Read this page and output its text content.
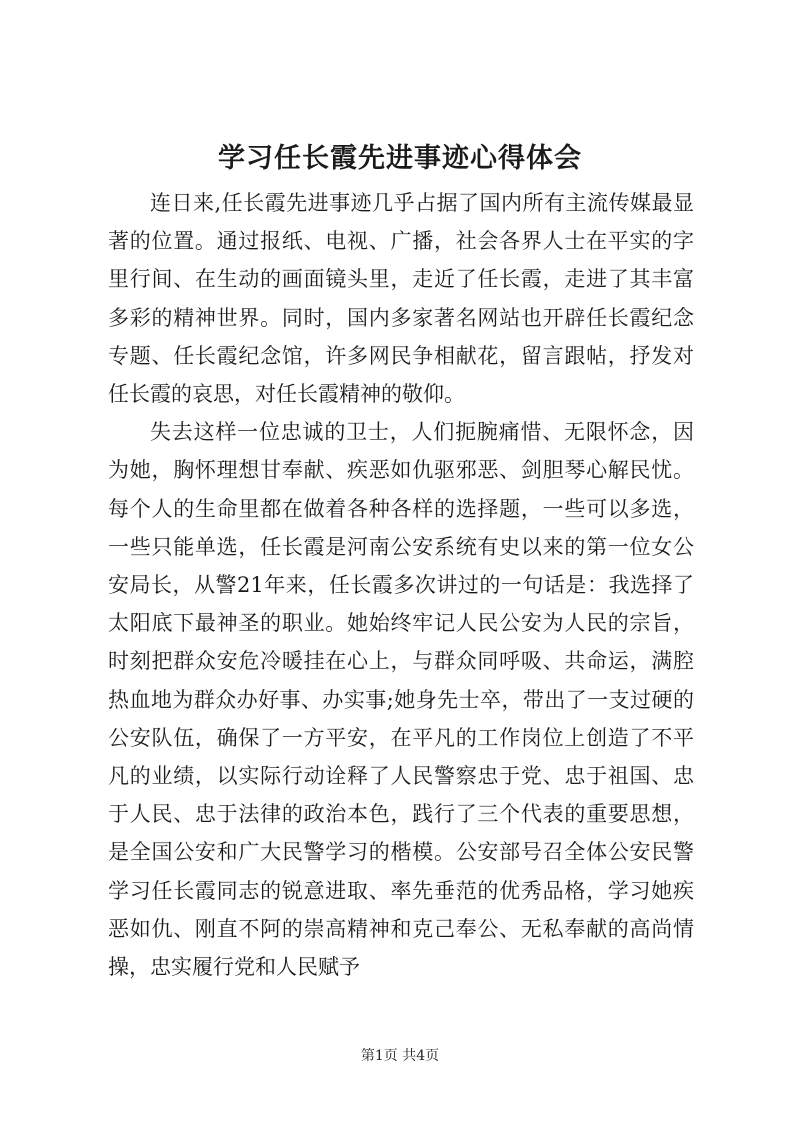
学习任长霞先进事迹心得体会

连日来,任长霞先进事迹几乎占据了国内所有主流传媒最显著的位置。通过报纸、电视、广播，社会各界人士在平实的字里行间、在生动的画面镜头里，走近了任长霞，走进了其丰富多彩的精神世界。同时，国内多家著名网站也开辟任长霞纪念专题、任长霞纪念馆，许多网民争相献花，留言跟帖，抒发对任长霞的哀思，对任长霞精神的敬仰。

失去这样一位忠诚的卫士，人们扼腕痛惜、无限怀念，因为她，胸怀理想甘奉献、疾恶如仇驱邪恶、剑胆琴心解民忧。每个人的生命里都在做着各种各样的选择题，一些可以多选，一些只能单选，任长霞是河南公安系统有史以来的第一位女公安局长，从警21年来，任长霞多次讲过的一句话是：我选择了太阳底下最神圣的职业。她始终牢记人民公安为人民的宗旨，时刻把群众安危冷暖挂在心上，与群众同呼吸、共命运，满腔热血地为群众办好事、办实事;她身先士卒，带出了一支过硬的公安队伍，确保了一方平安，在平凡的工作岗位上创造了不平凡的业绩，以实际行动诠释了人民警察忠于党、忠于祖国、忠于人民、忠于法律的政治本色，践行了三个代表的重要思想，是全国公安和广大民警学习的楷模。公安部号召全体公安民警学习任长霞同志的锐意进取、率先垂范的优秀品格，学习她疾恶如仇、刚直不阿的崇高精神和克己奉公、无私奉献的高尚情操，忠实履行党和人民赋予

第1页 共4页
